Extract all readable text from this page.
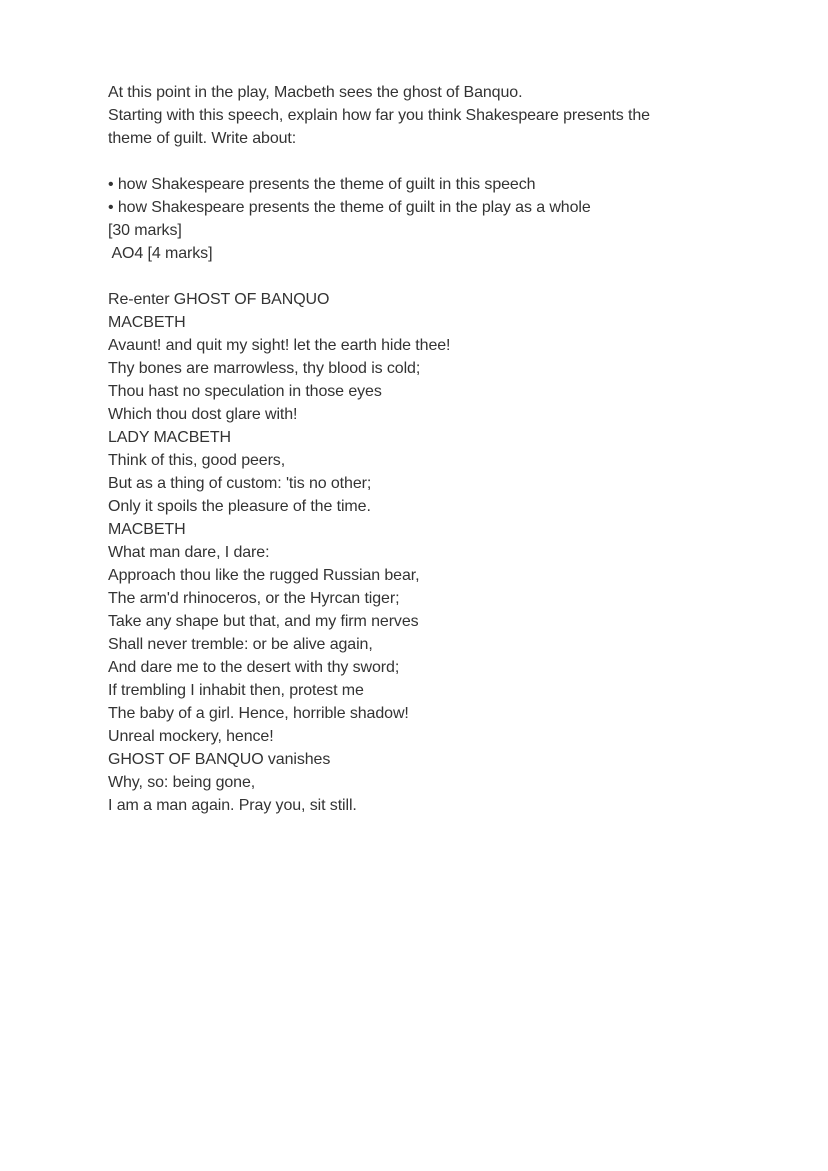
At this point in the play, Macbeth sees the ghost of Banquo.
Starting with this speech, explain how far you think Shakespeare presents the
theme of guilt. Write about:
• how Shakespeare presents the theme of guilt in this speech
• how Shakespeare presents the theme of guilt in the play as a whole
[30 marks]
AO4 [4 marks]
Re-enter GHOST OF BANQUO
MACBETH
Avaunt! and quit my sight! let the earth hide thee!
Thy bones are marrowless, thy blood is cold;
Thou hast no speculation in those eyes
Which thou dost glare with!
LADY MACBETH
Think of this, good peers,
But as a thing of custom: 'tis no other;
Only it spoils the pleasure of the time.
MACBETH
What man dare, I dare:
Approach thou like the rugged Russian bear,
The arm'd rhinoceros, or the Hyrcan tiger;
Take any shape but that, and my firm nerves
Shall never tremble: or be alive again,
And dare me to the desert with thy sword;
If trembling I inhabit then, protest me
The baby of a girl. Hence, horrible shadow!
Unreal mockery, hence!
GHOST OF BANQUO vanishes
Why, so: being gone,
I am a man again. Pray you, sit still.
